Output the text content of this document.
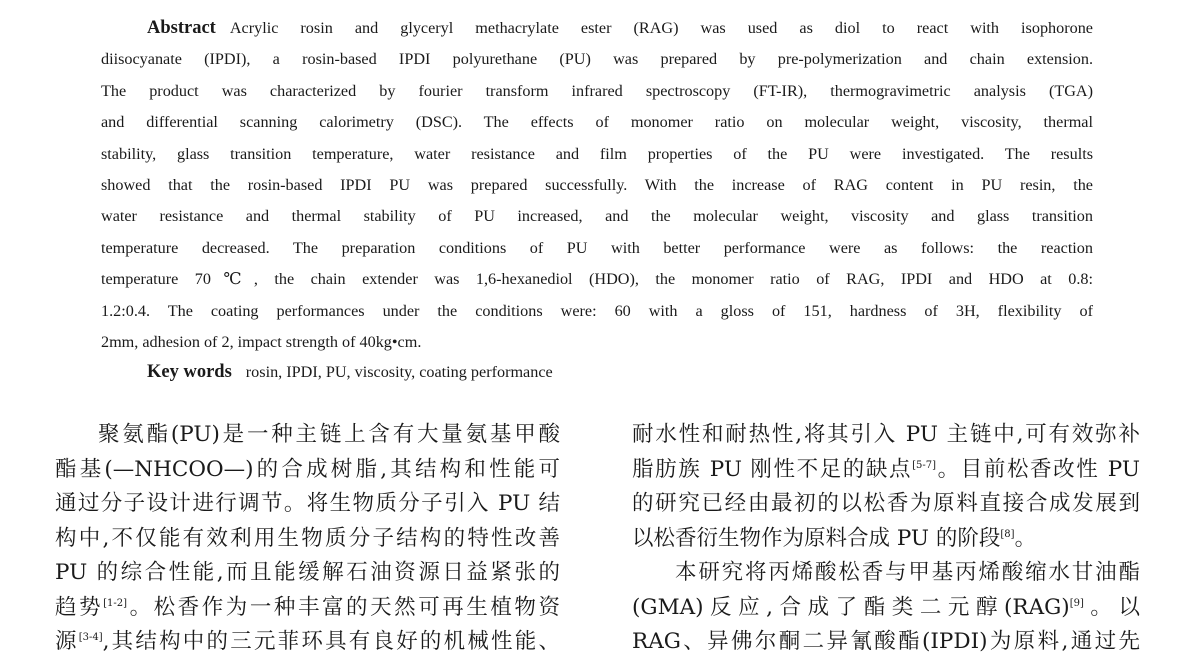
Abstract Acrylic rosin and glyceryl methacrylate ester (RAG) was used as diol to react with isophorone
diisocyanate (IPDI), a rosin-based IPDI polyurethane (PU) was prepared by pre-polymerization and chain extension.
The product was characterized by fourier transform infrared spectroscopy (FT-IR), thermogravimetric analysis (TGA)
and differential scanning calorimetry (DSC). The effects of monomer ratio on molecular weight, viscosity, thermal
stability, glass transition temperature, water resistance and film properties of the PU were investigated. The results
showed that the rosin-based IPDI PU was prepared successfully. With the increase of RAG content in PU resin, the
water resistance and thermal stability of PU increased, and the molecular weight, viscosity and glass transition
temperature decreased. The preparation conditions of PU with better performance were as follows: the reaction
temperature 70℃, the chain extender was 1,6-hexanediol (HDO), the monomer ratio of RAG, IPDI and HDO at 0.8:
1.2:0.4. The coating performances under the conditions were: 60 with a gloss of 151, hardness of 3H, flexibility of
2mm, adhesion of 2, impact strength of 40kg•cm.
Key words rosin, IPDI, PU, viscosity, coating performance
聚氨酯(PU)是一种主链上含有大量氨基甲酸
酯基(—NHCOO—)的合成树脂,其结构和性能可
通过分子设计进行调节。将生物质分子引入 PU 结
构中,不仅能有效利用生物质分子结构的特性改善
PU 的综合性能,而且能缓解石油资源日益紧张的
趋势[1-2]。松香作为一种丰富的天然可再生植物资
源[3-4],其结构中的三元菲环具有良好的机械性能、
耐水性和耐热性,将其引入 PU 主链中,可有效弥补
脂肪族 PU 刚性不足的缺点[5-7]。目前松香改性 PU
的研究已经由最初的以松香为原料直接合成发展到
以松香衍生物作为原料合成 PU 的阶段[8]。
本研究将丙烯酸松香与甲基丙烯酸缩水甘油酯
(GMA)反应,合成了酯类二元醇(RAG)[9]。以
RAG、异佛尔酮二异氰酸酯(IPDI)为原料,通过先
